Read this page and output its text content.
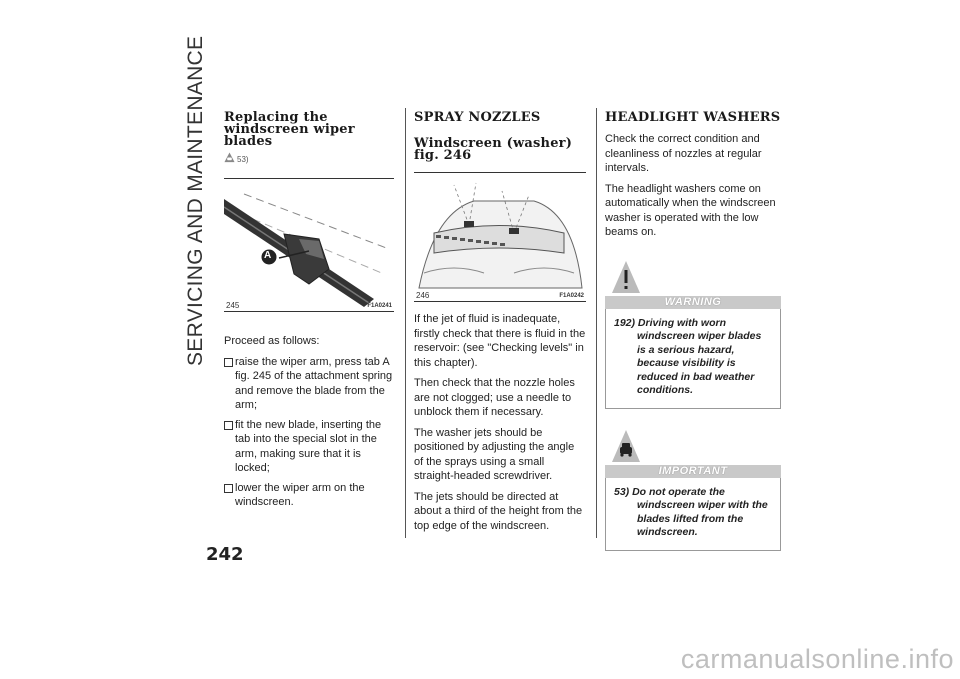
SERVICING AND MAINTENANCE Replacing the windscreen wiper blades
53)
A
245	F1A0241

Proceed as follows:

raise the wiper arm, press tab A fig. 245 of the attachment spring and remove the blade from the arm;
fit the new blade, inserting the tab into the special slot in the arm, making sure that it is locked;
lower the wiper arm on the windscreen.
SPRAY NOZZLES
Windscreen (washer) fig. 246
246	F1A0242

If the jet of fluid is inadequate, firstly check that there is fluid in the reservoir: (see "Checking levels" in this chapter).

Then check that the nozzle holes are not clogged; use a needle to unblock them if necessary.

The washer jets should be positioned by adjusting the angle of the sprays using a small straight-headed screwdriver.

The jets should be directed at about a third of the height from the top edge of the windscreen.

HEADLIGHT WASHERS

Check the correct condition and cleanliness of nozzles at regular intervals.

The headlight washers come on automatically when the windscreen washer is operated with the low beams on.

WARNING

192) Driving with worn windscreen wiper blades is a serious hazard, because visibility is reduced in bad weather conditions.

IMPORTANT

53) Do not operate the windscreen wiper with the blades lifted from the windscreen.

242
carmanualsonline.info
